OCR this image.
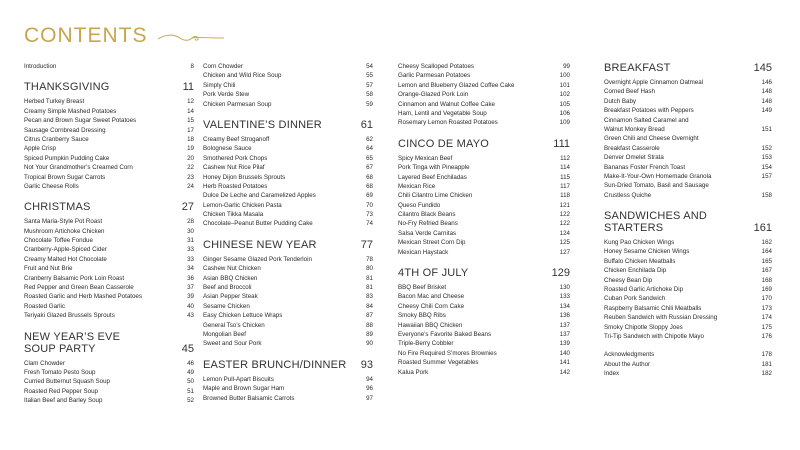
CONTENTS
Introduction	8
THANKSGIVING	11
Herbed Turkey Breast	12
Creamy Simple Mashed Potatoes	14
Pecan and Brown Sugar Sweet Potatoes	15
Sausage Cornbread Dressing	17
Citrus Cranberry Sauce	18
Apple Crisp	19
Spiced Pumpkin Pudding Cake	20
Not Your Grandmother’s Creamed Corn	22
Tropical Brown Sugar Carrots	23
Garlic Cheese Rolls	24
CHRISTMAS	27
Santa Maria-Style Pot Roast	28
Mushroom Artichoke Chicken	30
Chocolate Toffee Fondue	31
Cranberry-Apple-Spiced Cider	33
Creamy Malted Hot Chocolate	33
Fruit and Nut Brie	34
Cranberry Balsamic Pork Loin Roast	36
Red Pepper and Green Bean Casserole	37
Roasted Garlic and Herb Mashed Potatoes	39
Roasted Garlic	40
Teriyaki Glazed Brussels Sprouts	43
NEW YEAR’S EVE
SOUP PARTY	45
Clam Chowder	46
Fresh Tomato Pesto Soup	49
Curried Butternut Squash Soup	50
Roasted Red Pepper Soup	51
Italian Beef and Barley Soup	52
Corn Chowder	54
Chicken and Wild Rice Soup	55
Simply Chili	57
Pork Verde Stew	58
Chicken Parmesan Soup	59
VALENTINE’S DINNER	61
Creamy Beef Stroganoff	62
Bolognese Sauce	64
Smothered Pork Chops	65
Cashew Nut Rice Pilaf	67
Honey Dijon Brussels Sprouts	68
Herb Roasted Potatoes	68
Dulce De Leche and Caramelized Apples	69
Lemon-Garlic Chicken Pasta	70
Chicken Tikka Masala	73
Chocolate–Peanut Butter Pudding Cake	74
CHINESE NEW YEAR	77
Ginger Sesame Glazed Pork Tenderloin	78
Cashew Nut Chicken	80
Asian BBQ Chicken	81
Beef and Broccoli	81
Asian Pepper Steak	83
Sesame Chicken	84
Easy Chicken Lettuce Wraps	87
General Tso’s Chicken	88
Mongolian Beef	89
Sweet and Sour Pork	90
EASTER BRUNCH/DINNER 93
Lemon Pull-Apart Biscuits	94
Maple and Brown Sugar Ham	96
Browned Butter Balsamic Carrots	97
Cheesy Scalloped Potatoes	99
Garlic Parmesan Potatoes	100
Lemon and Blueberry Glazed Coffee Cake	101
Orange-Glazed Pork Loin	102
Cinnamon and Walnut Coffee Cake	105
Ham, Lentil and Vegetable Soup	106
Rosemary Lemon Roasted Potatoes	109
CINCO DE MAYO	111
Spicy Mexican Beef	112
Pork Tinga with Pineapple	114
Layered Beef Enchiladas	115
Mexican Rice	117
Chili Cilantro Lime Chicken	118
Queso Fundido	121
Cilantro Black Beans	122
No-Fry Refried Beans	122
Salsa Verde Carnitas	124
Mexican Street Corn Dip	125
Mexican Haystack	127
4TH OF JULY	129
BBQ Beef Brisket	130
Bacon Mac and Cheese	133
Cheesy Chili Corn Cake	134
Smoky BBQ Ribs	136
Hawaiian BBQ Chicken	137
Everyone’s Favorite Baked Beans	137
Triple-Berry Cobbler	139
No Fire Required S’mores Brownies	140
Roasted Summer Vegetables	141
Kalua Pork	142
BREAKFAST	145
Overnight Apple Cinnamon Oatmeal	146
Corned Beef Hash	148
Dutch Baby	148
Breakfast Potatoes with Peppers	149
Cinnamon Salted Caramel and
Walnut Monkey Bread	151
Green Chili and Cheese Overnight
Breakfast Casserole	152
Denver Omelet Strata	153
Bananas Foster French Toast	154
Make-It-Your-Own Homemade Granola	157
Sun-Dried Tomato, Basil and Sausage
Crustless Quiche	158
SANDWICHES AND
STARTERS	161
Kung Pao Chicken Wings	162
Honey Sesame Chicken Wings	164
Buffalo Chicken Meatballs	165
Chicken Enchilada Dip	167
Cheesy Bean Dip	168
Roasted Garlic Artichoke Dip	169
Cuban Pork Sandwich	170
Raspberry Balsamic Chili Meatballs	173
Reuben Sandwich with Russian Dressing	174
Smoky Chipotle Sloppy Joes	175
Tri-Tip Sandwich with Chipotle Mayo	176
Acknowledgments	178
About the Author	181
Index	182
